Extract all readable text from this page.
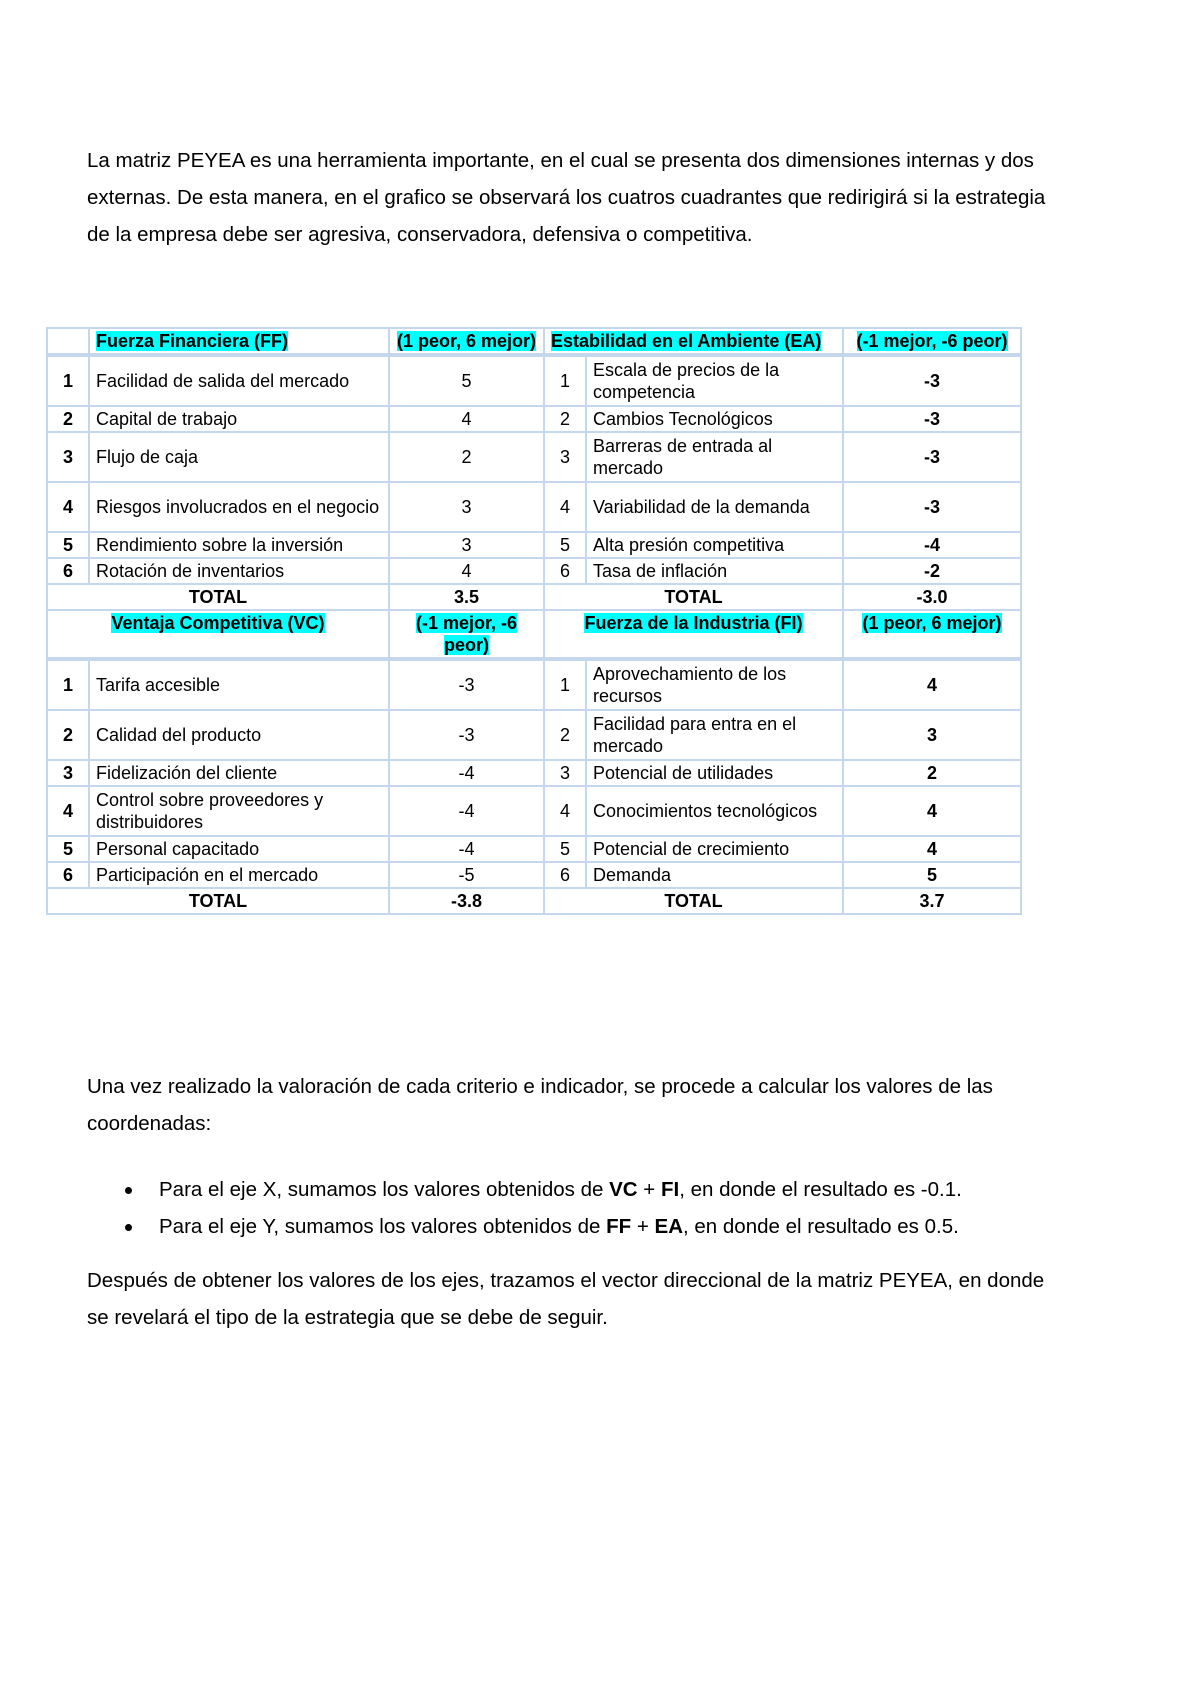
La matriz PEYEA es una herramienta importante, en el cual se presenta dos dimensiones internas y dos externas. De esta manera, en el grafico se observará los cuatros cuadrantes que redirigirá si la estrategia de la empresa debe ser agresiva, conservadora, defensiva o competitiva.

	Fuerza Financiera (FF)	(1 peor, 6 mejor)	Estabilidad en el Ambiente (EA)		(-1 mejor, -6 peor)
1	Facilidad de salida del mercado	5	1	Escala de precios de la competencia	-3
2	Capital de trabajo	4	2	Cambios Tecnológicos	-3
3	Flujo de caja	2	3	Barreras de entrada al mercado	-3
4	Riesgos involucrados en el negocio	3	4	Variabilidad de la demanda	-3
5	Rendimiento sobre la inversión	3	5	Alta presión competitiva	-4
6	Rotación de inventarios	4	6	Tasa de inflación	-2
TOTAL		3.5	TOTAL		-3.0
Ventaja Competitiva (VC)		(-1 mejor, -6 peor)	Fuerza de la Industria (FI)		(1 peor, 6 mejor)
1	Tarifa accesible	-3	1	Aprovechamiento de los recursos	4
2	Calidad del producto	-3	2	Facilidad para entra en el mercado	3
3	Fidelización del cliente	-4	3	Potencial de utilidades	2
4	Control sobre proveedores y distribuidores	-4	4	Conocimientos tecnológicos	4
5	Personal capacitado	-4	5	Potencial de crecimiento	4
6	Participación en el mercado	-5	6	Demanda	5
TOTAL		-3.8	TOTAL		3.7

Una vez realizado la valoración de cada criterio e indicador, se procede a calcular los valores de las coordenadas:

Para el eje X, sumamos los valores obtenidos de VC + FI, en donde el resultado es -0.1.
Para el eje Y, sumamos los valores obtenidos de FF + EA, en donde el resultado es 0.5.

Después de obtener los valores de los ejes, trazamos el vector direccional de la matriz PEYEA, en donde se revelará el tipo de la estrategia que se debe de seguir.
